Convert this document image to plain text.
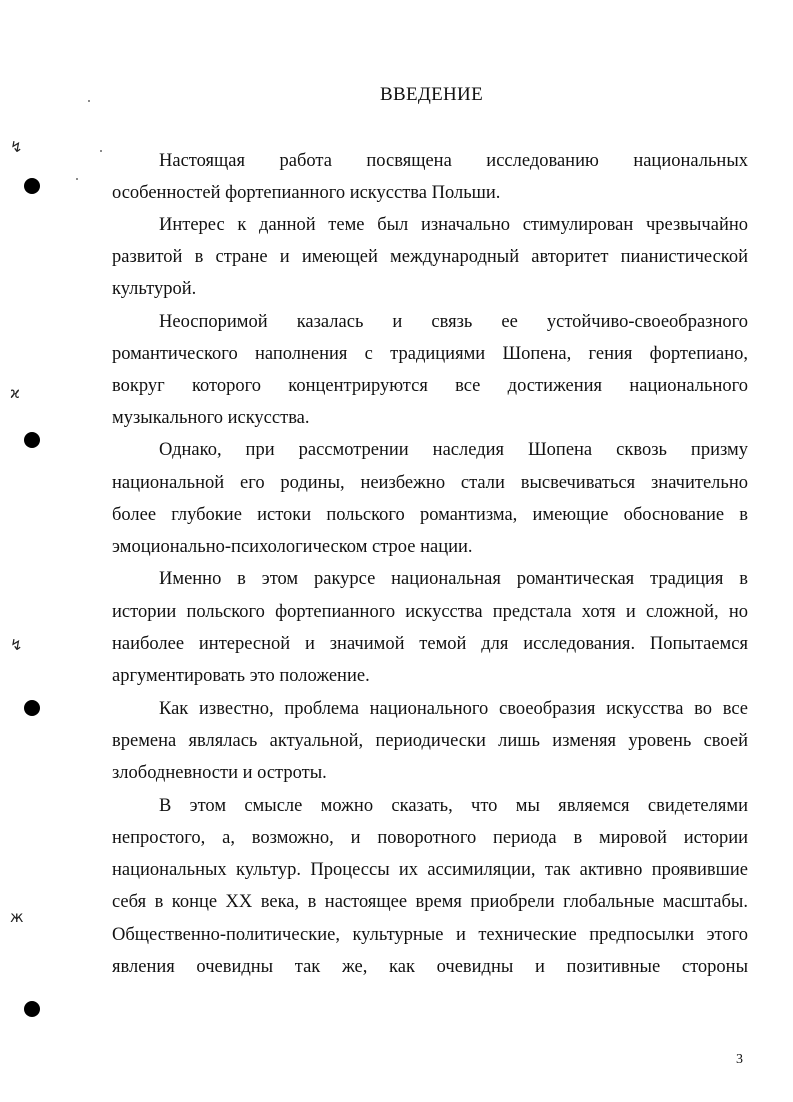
ВВЕДЕНИЕ
Настоящая работа посвящена исследованию национальных
особенностей фортепианного искусства Польши.
Интерес к данной теме был изначально стимулирован чрезвычайно
развитой в стране и имеющей международный авторитет пианистической
культурой.
Неоспоримой казалась и связь ее устойчиво-своеобразного
романтического наполнения с традициями Шопена, гения фортепиано,
вокруг которого концентрируются все достижения национального
музыкального искусства.
Однако, при рассмотрении наследия Шопена сквозь призму
национальной его родины, неизбежно стали высвечиваться значительно
более глубокие истоки польского романтизма, имеющие обоснование в
эмоционально-психологическом строе нации.
Именно в этом ракурсе национальная романтическая традиция в
истории польского фортепианного искусства предстала хотя и сложной, но
наиболее интересной и значимой темой для исследования. Попытаемся
аргументировать это положение.
Как известно, проблема национального своеобразия искусства во все
времена являлась актуальной, периодически лишь изменяя уровень своей
злободневности и остроты.
В этом смысле можно сказать, что мы являемся свидетелями
непростого, а, возможно, и поворотного периода в мировой истории
национальных культур. Процессы их ассимиляции, так активно проявившие
себя в конце XX века, в настоящее время приобрели глобальные масштабы.
Общественно-политические, культурные и технические предпосылки этого
явления очевидны так же, как очевидны и позитивные стороны
3
↯
ϰ
↯
ж
